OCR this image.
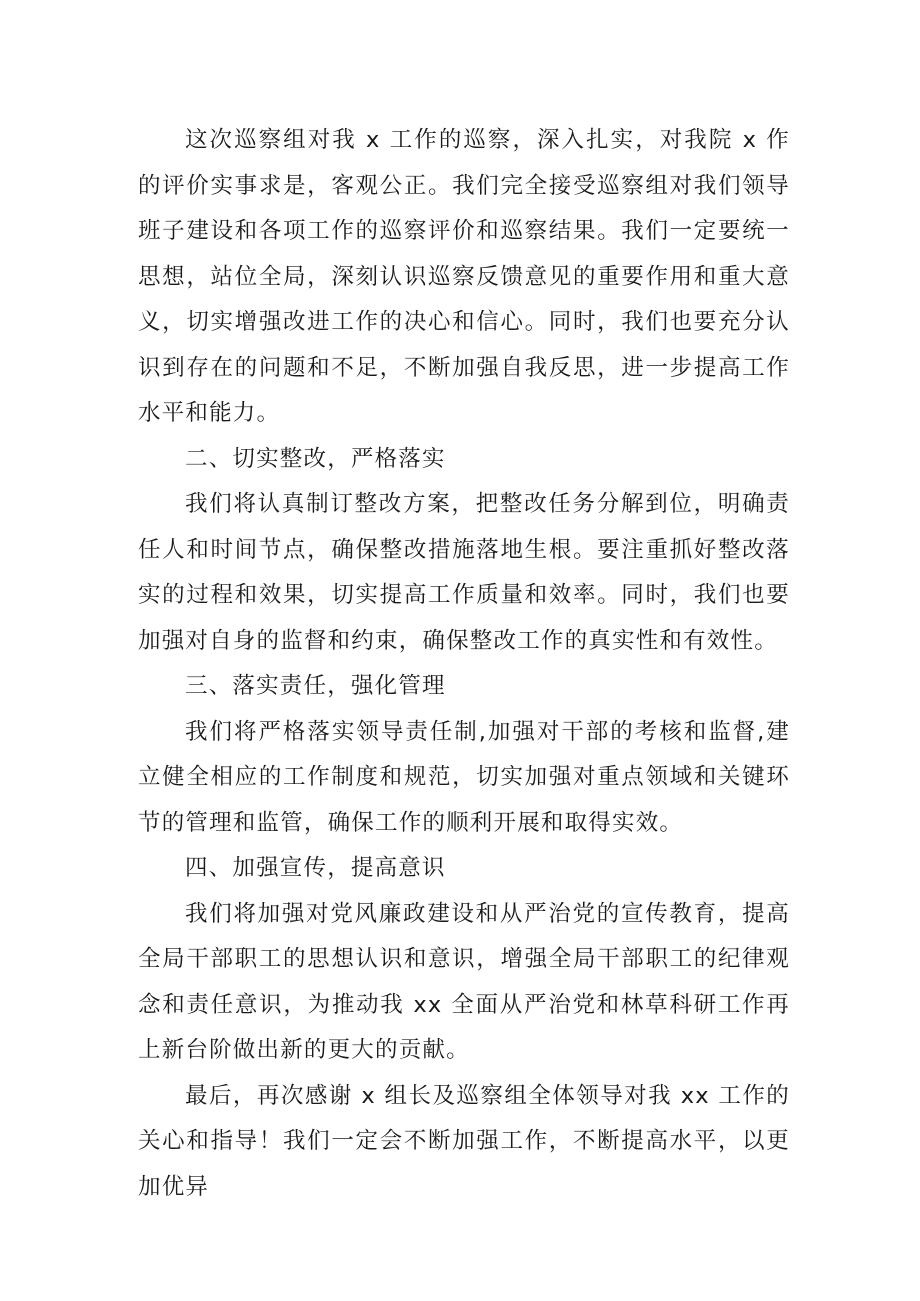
这次巡察组对我 x 工作的巡察，深入扎实，对我院 x 作的评价实事求是，客观公正。我们完全接受巡察组对我们领导班子建设和各项工作的巡察评价和巡察结果。我们一定要统一思想，站位全局，深刻认识巡察反馈意见的重要作用和重大意义，切实增强改进工作的决心和信心。同时，我们也要充分认识到存在的问题和不足，不断加强自我反思，进一步提高工作水平和能力。

二、切实整改，严格落实

我们将认真制订整改方案，把整改任务分解到位，明确责任人和时间节点，确保整改措施落地生根。要注重抓好整改落实的过程和效果，切实提高工作质量和效率。同时，我们也要加强对自身的监督和约束，确保整改工作的真实性和有效性。

三、落实责任，强化管理

我们将严格落实领导责任制,加强对干部的考核和监督,建立健全相应的工作制度和规范，切实加强对重点领域和关键环节的管理和监管，确保工作的顺利开展和取得实效。

四、加强宣传，提高意识

我们将加强对党风廉政建设和从严治党的宣传教育，提高全局干部职工的思想认识和意识，增强全局干部职工的纪律观念和责任意识，为推动我 xx 全面从严治党和林草科研工作再上新台阶做出新的更大的贡献。

最后，再次感谢 x 组长及巡察组全体领导对我 xx 工作的关心和指导！我们一定会不断加强工作，不断提高水平，以更加优异
